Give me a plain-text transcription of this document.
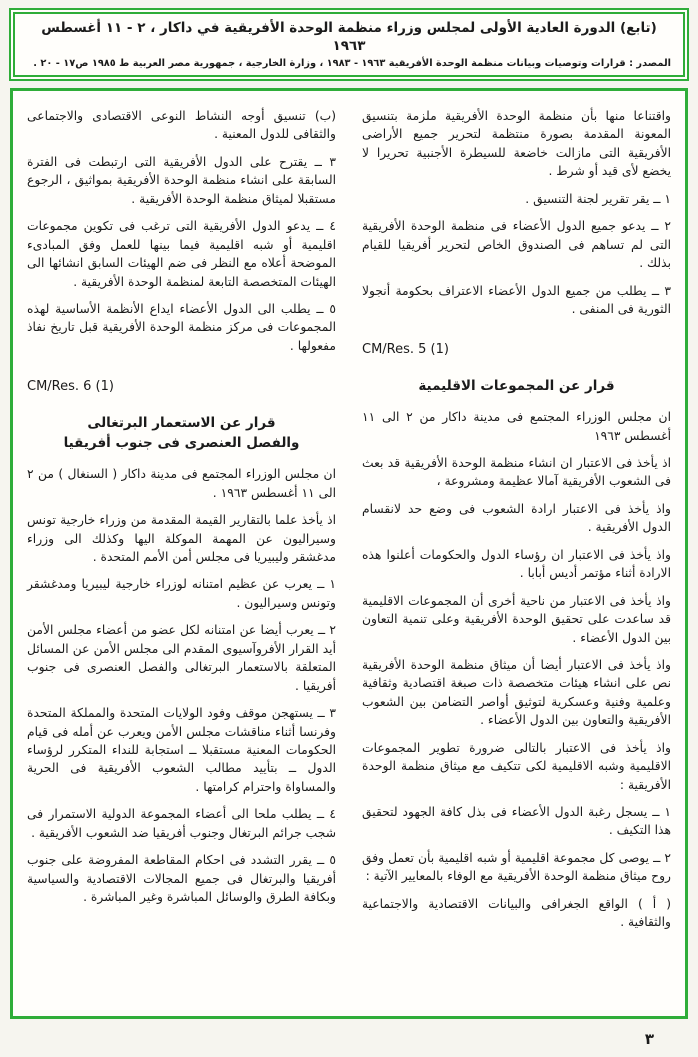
(تابع) الدورة العادية الأولى لمجلس وزراء منظمة الوحدة الأفريقية في داكار ، ٢ - ١١ أغسطس ١٩٦٣
المصدر : قرارات وتوصيات وبيانات منظمة الوحدة الأفريقية ١٩٦٣ - ١٩٨٣ ، وزارة الخارجية ، جمهورية مصر العربية ط ١٩٨٥ ص١٧ - ٢٠ .

واقتناعا منها بأن منظمة الوحدة الأفريقية ملزمة بتنسيق المعونة المقدمة بصورة منتظمة لتحرير جميع الأراضى الأفريقية التى مازالت خاضعة للسيطرة الأجنبية تحريرا لا يخضع لأى قيد أو شرط .

١ ــ يقر تقرير لجنة التنسيق .

٢ ــ يدعو جميع الدول الأعضاء فى منظمة الوحدة الأفريقية التى لم تساهم فى الصندوق الخاص لتحرير أفريقيا للقيام بذلك .

٣ ــ يطلب من جميع الدول الأعضاء الاعتراف بحكومة أنجولا الثورية فى المنفى .

CM/Res. 5 (1)

قرار عن المجموعات الاقليمية

ان مجلس الوزراء المجتمع فى مدينة داكار من ٢ الى ١١ أغسطس ١٩٦٣

اذ يأخذ فى الاعتبار ان انشاء منظمة الوحدة الأفريقية قد بعث فى الشعوب الأفريقية آمالا عظيمة ومشروعة ،

واذ يأخذ فى الاعتبار ارادة الشعوب فى وضع حد لانقسام الدول الأفريقية .

واذ يأخذ فى الاعتبار ان رؤساء الدول والحكومات أعلنوا هذه الارادة أثناء مؤتمر أديس أبابا .

واذ يأخذ فى الاعتبار من ناحية أخرى أن المجموعات الاقليمية قد ساعدت على تحقيق الوحدة الأفريقية وعلى تنمية التعاون بين الدول الأعضاء .

واذ يأخذ فى الاعتبار أيضا أن ميثاق منظمة الوحدة الأفريقية نص على انشاء هيئات متخصصة ذات صبغة اقتصادية وثقافية وعلمية وفنية وعسكرية لتوثيق أواصر التضامن بين الشعوب الأفريقية والتعاون بين الدول الأعضاء .

واذ يأخذ فى الاعتبار بالتالى ضرورة تطوير المجموعات الاقليمية وشبه الاقليمية لكى تتكيف مع ميثاق منظمة الوحدة الأفريقية :

١ ــ يسجل رغبة الدول الأعضاء فى بذل كافة الجهود لتحقيق هذا التكيف .

٢ ــ يوصى كل مجموعة اقليمية أو شبه اقليمية بأن تعمل وفق روح ميثاق منظمة الوحدة الأفريقية مع الوفاء بالمعايير الآتية :

( أ ) الواقع الجغرافى والبيانات الاقتصادية والاجتماعية والثقافية .

(ب) تنسيق أوجه النشاط النوعى الاقتصادى والاجتماعى والثقافى للدول المعنية .

٣ ــ يقترح على الدول الأفريقية التى ارتبطت فى الفترة السابقة على انشاء منظمة الوحدة الأفريقية بمواثيق ، الرجوع مستقبلا لميثاق منظمة الوحدة الأفريقية .

٤ ــ يدعو الدول الأفريقية التى ترغب فى تكوين مجموعات اقليمية أو شبه اقليمية فيما بينها للعمل وفق المبادىء الموضحة أعلاه مع النظر فى ضم الهيئات السابق انشائها الى الهيئات المتخصصة التابعة لمنظمة الوحدة الأفريقية .

٥ ــ يطلب الى الدول الأعضاء ايداع الأنظمة الأساسية لهذه المجموعات فى مركز منظمة الوحدة الأفريقية قبل تاريخ نفاذ مفعولها .

CM/Res. 6 (1)

قرار عن الاستعمار البرتغالى
والفصل العنصرى فى جنوب أفريقيا

ان مجلس الوزراء المجتمع فى مدينة داكار ( السنغال ) من ٢ الى ١١ أغسطس ١٩٦٣ .

اذ يأخذ علما بالتقارير القيمة المقدمة من وزراء خارجية تونس وسيراليون عن المهمة الموكلة اليها وكذلك الى وزراء مدغشقر وليبيريا فى مجلس أمن الأمم المتحدة .

١ ــ يعرب عن عظيم امتنانه لوزراء خارجية ليبيريا ومدغشقر وتونس وسيراليون .

٢ ــ يعرب أيضا عن امتنانه لكل عضو من أعضاء مجلس الأمن أيد القرار الأفروآسيوى المقدم الى مجلس الأمن عن المسائل المتعلقة بالاستعمار البرتغالى والفصل العنصرى فى جنوب أفريقيا .

٣ ــ يستهجن موقف وفود الولايات المتحدة والمملكة المتحدة وفرنسا أثناء مناقشات مجلس الأمن ويعرب عن أمله فى قيام الحكومات المعنية مستقبلا ــ استجابة للنداء المتكرر لرؤساء الدول ــ بتأييد مطالب الشعوب الأفريقية فى الحرية والمساواة واحترام كرامتها .

٤ ــ يطلب ملحا الى أعضاء المجموعة الدولية الاستمرار فى شجب جرائم البرتغال وجنوب أفريقيا ضد الشعوب الأفريقية .

٥ ــ يقرر التشدد فى احكام المقاطعة المفروضة على جنوب أفريقيا والبرتغال فى جميع المجالات الاقتصادية والسياسية وبكافة الطرق والوسائل المباشرة وغير المباشرة .

٣
